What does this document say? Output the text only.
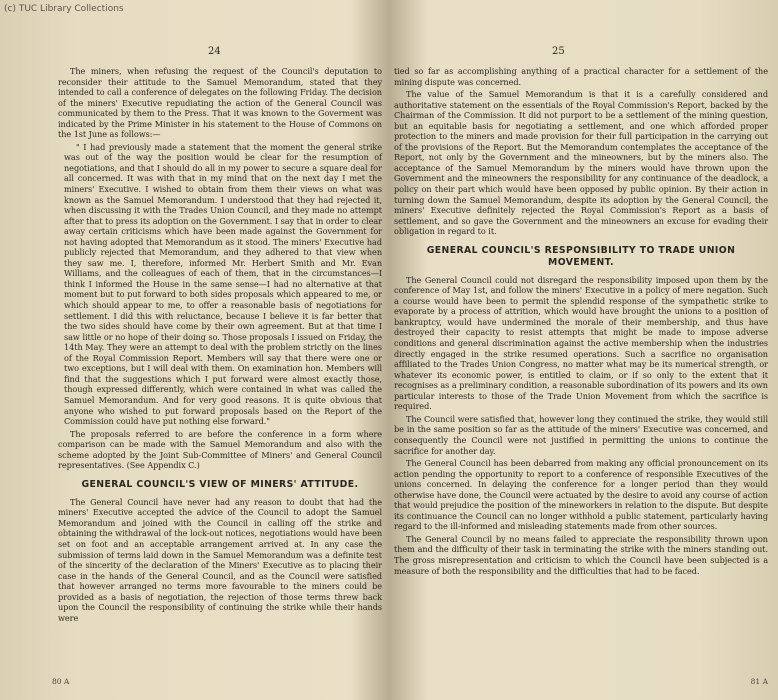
(c) TUC Library Collections
24

The miners, when refusing the request of the Council's deputation to reconsider their attitude to the Samuel Memorandum, stated that they intended to call a conference of delegates on the following Friday. The decision of the miners' Executive repudiating the action of the General Council was communicated by them to the Press. That it was known to the Goverment was indicated by the Prime Minister in his statement to the House of Commons on the 1st June as follows:—

" I had previously made a statement that the moment the general strike was out of the way the position would be clear for the resumption of negotiations, and that I should do all in my power to secure a square deal for all concerned. It was with that in my mind that on the next day I met the miners' Executive. I wished to obtain from them their views on what was known as the Samuel Memorandum. I understood that they had rejected it, when discussing it with the Trades Union Council, and they made no attempt after that to press its adoption on the Government. I say that in order to clear away certain criticisms which have been made against the Government for not having adopted that Memorandum as it stood. The miners' Executive had publicly rejected that Memorandum, and they adhered to that view when they saw me. I, therefore, informed Mr. Herbert Smith and Mr. Evan Williams, and the colleagues of each of them, that in the circumstances—I think I informed the House in the same sense—I had no alternative at that moment but to put forward to both sides proposals which appeared to me, or which should appear to me, to offer a reasonable basis of negotiations for settlement. I did this with reluctance, because I believe it is far better that the two sides should have come by their own agreement. But at that time I saw little or no hope of their doing so. Those proposals I issued on Friday, the 14th May. They were an attempt to deal with the problem strictly on the lines of the Royal Commission Report. Members will say that there were one or two exceptions, but I will deal with them. On examination hon. Members will find that the suggestions which I put forward were almost exactly those, though expressed differently, which were contained in what was called the Samuel Memorandum. And for very good reasons. It is quite obvious that anyone who wished to put forward proposals based on the Report of the Commission could have put nothing else forward."

The proposals referred to are before the conference in a form where comparison can be made with the Samuel Memorandum and also with the scheme adopted by the Joint Sub-Committee of Miners' and General Council representatives. (See Appendix C.)

GENERAL COUNCIL'S VIEW OF MINERS' ATTITUDE.

The General Council have never had any reason to doubt that had the miners' Executive accepted the advice of the Council to adopt the Samuel Memorandum and joined with the Council in calling off the strike and obtaining the withdrawal of the lock-out notices, negotiations would have been set on foot and an acceptable arrangement arrived at. In any case the submission of terms laid down in the Samuel Memorandum was a definite test of the sincerity of the declaration of the Miners' Executive as to placing their case in the hands of the General Council, and as the Council were satisfied that however arranged no terms more favourable to the miners could be provided as a basis of negotiation, the rejection of those terms threw back upon the Council the responsibility of continuing the strike while their hands were

80 A
25

tied so far as accomplishing anything of a practical character for a settlement of the mining dispute was concerned.

The value of the Samuel Memorandum is that it is a carefully considered and authoritative statement on the essentials of the Royal Commission's Report, backed by the Chairman of the Commission. It did not purport to be a settlement of the mining question, but an equitable basis for negotiating a settlement, and one which afforded proper protection to the miners and made provision for their full participation in the carrying out of the provisions of the Report. But the Memorandum contemplates the acceptance of the Report, not only by the Government and the mineowners, but by the miners also. The acceptance of the Samuel Memorandum by the miners would have thrown upon the Government and the mineowners the responsibility for any continuance of the deadlock, a policy on their part which would have been opposed by public opinion. By their action in turning down the Samuel Memorandum, despite its adoption by the General Council, the miners' Executive definitely rejected the Royal Commission's Report as a basis of settlement, and so gave the Government and the mineowners an excuse for evading their obligation in regard to it.

GENERAL COUNCIL'S RESPONSIBILITY TO TRADE UNION MOVEMENT.

The General Council could not disregard the responsibility imposed upon them by the conference of May 1st, and follow the miners' Executive in a policy of mere negation. Such a course would have been to permit the splendid response of the sympathetic strike to evaporate by a process of attrition, which would have brought the unions to a position of bankruptcy, would have undermined the morale of their membership, and thus have destroyed their capacity to resist attempts that might be made to impose adverse conditions and general discrimination against the active membership when the industries directly engaged in the strike resumed operations. Such a sacrifice no organisation affiliated to the Trades Union Congress, no matter what may be its numerical strength, or whatever its economic power, is entitled to claim, or if so only to the extent that it recognises as a preliminary condition, a reasonable subordination of its powers and its own particular interests to those of the Trade Union Movement from which the sacrifice is required.

The Council were satisfied that, however long they continued the strike, they would still be in the same position so far as the attitude of the miners' Executive was concerned, and consequently the Council were not justified in permitting the unions to continue the sacrifice for another day.

The General Council has been debarred from making any official pronouncement on its action pending the opportunity to report to a conference of responsible Executives of the unions concerned. In delaying the conference for a longer period than they would otherwise have done, the Council were actuated by the desire to avoid any course of action that would prejudice the position of the mineworkers in relation to the dispute. But despite its continuance the Council can no longer withhold a public statement, particularly having regard to the ill-informed and misleading statements made from other sources.

The General Council by no means failed to appreciate the responsibility thrown upon them and the difficulty of their task in terminating the strike with the miners standing out. The gross misrepresentation and criticism to which the Council have been subjected is a measure of both the responsibility and the difficulties that had to be faced.

81 A
